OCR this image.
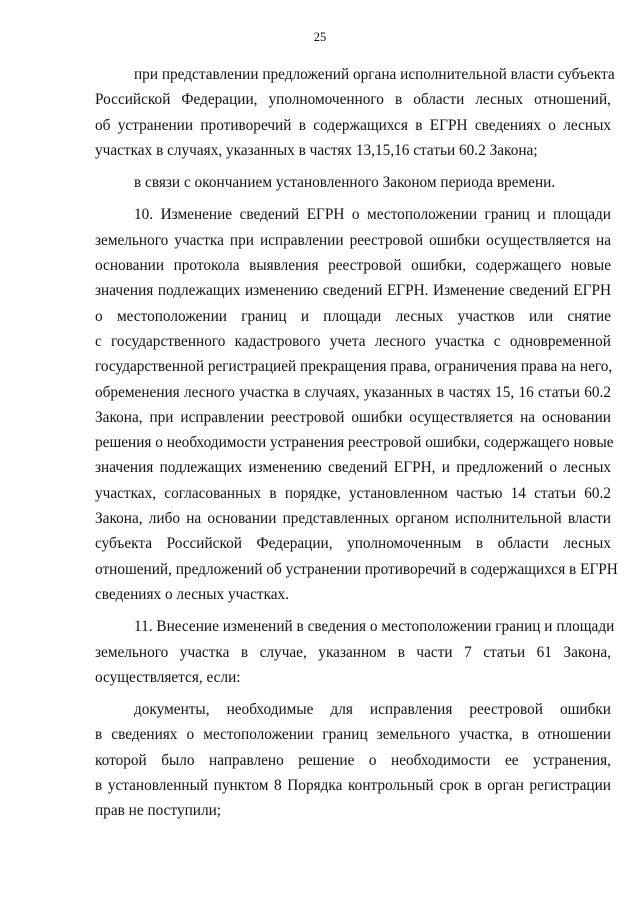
25
при представлении предложений органа исполнительной власти субъекта
Российской Федерации, уполномоченного в области лесных отношений,
об устранении противоречий в содержащихся в ЕГРН сведениях о лесных
участках в случаях, указанных в частях 13,15,16 статьи 60.2 Закона;
в связи с окончанием установленного Законом периода времени.
10. Изменение сведений ЕГРН о местоположении границ и площади
земельного участка при исправлении реестровой ошибки осуществляется на
основании протокола выявления реестровой ошибки, содержащего новые
значения подлежащих изменению сведений ЕГРН. Изменение сведений ЕГРН
о местоположении границ и площади лесных участков или снятие
с государственного кадастрового учета лесного участка с одновременной
государственной регистрацией прекращения права, ограничения права на него,
обременения лесного участка в случаях, указанных в частях 15, 16 статьи 60.2
Закона, при исправлении реестровой ошибки осуществляется на основании
решения о необходимости устранения реестровой ошибки, содержащего новые
значения подлежащих изменению сведений ЕГРН, и предложений о лесных
участках, согласованных в порядке, установленном частью 14 статьи 60.2
Закона, либо на основании представленных органом исполнительной власти
субъекта Российской Федерации, уполномоченным в области лесных
отношений, предложений об устранении противоречий в содержащихся в ЕГРН
сведениях о лесных участках.
11. Внесение изменений в сведения о местоположении границ и площади
земельного участка в случае, указанном в части 7 статьи 61 Закона,
осуществляется, если:
документы, необходимые для исправления реестровой ошибки
в сведениях о местоположении границ земельного участка, в отношении
которой было направлено решение о необходимости ее устранения,
в установленный пунктом 8 Порядка контрольный срок в орган регистрации
прав не поступили;
